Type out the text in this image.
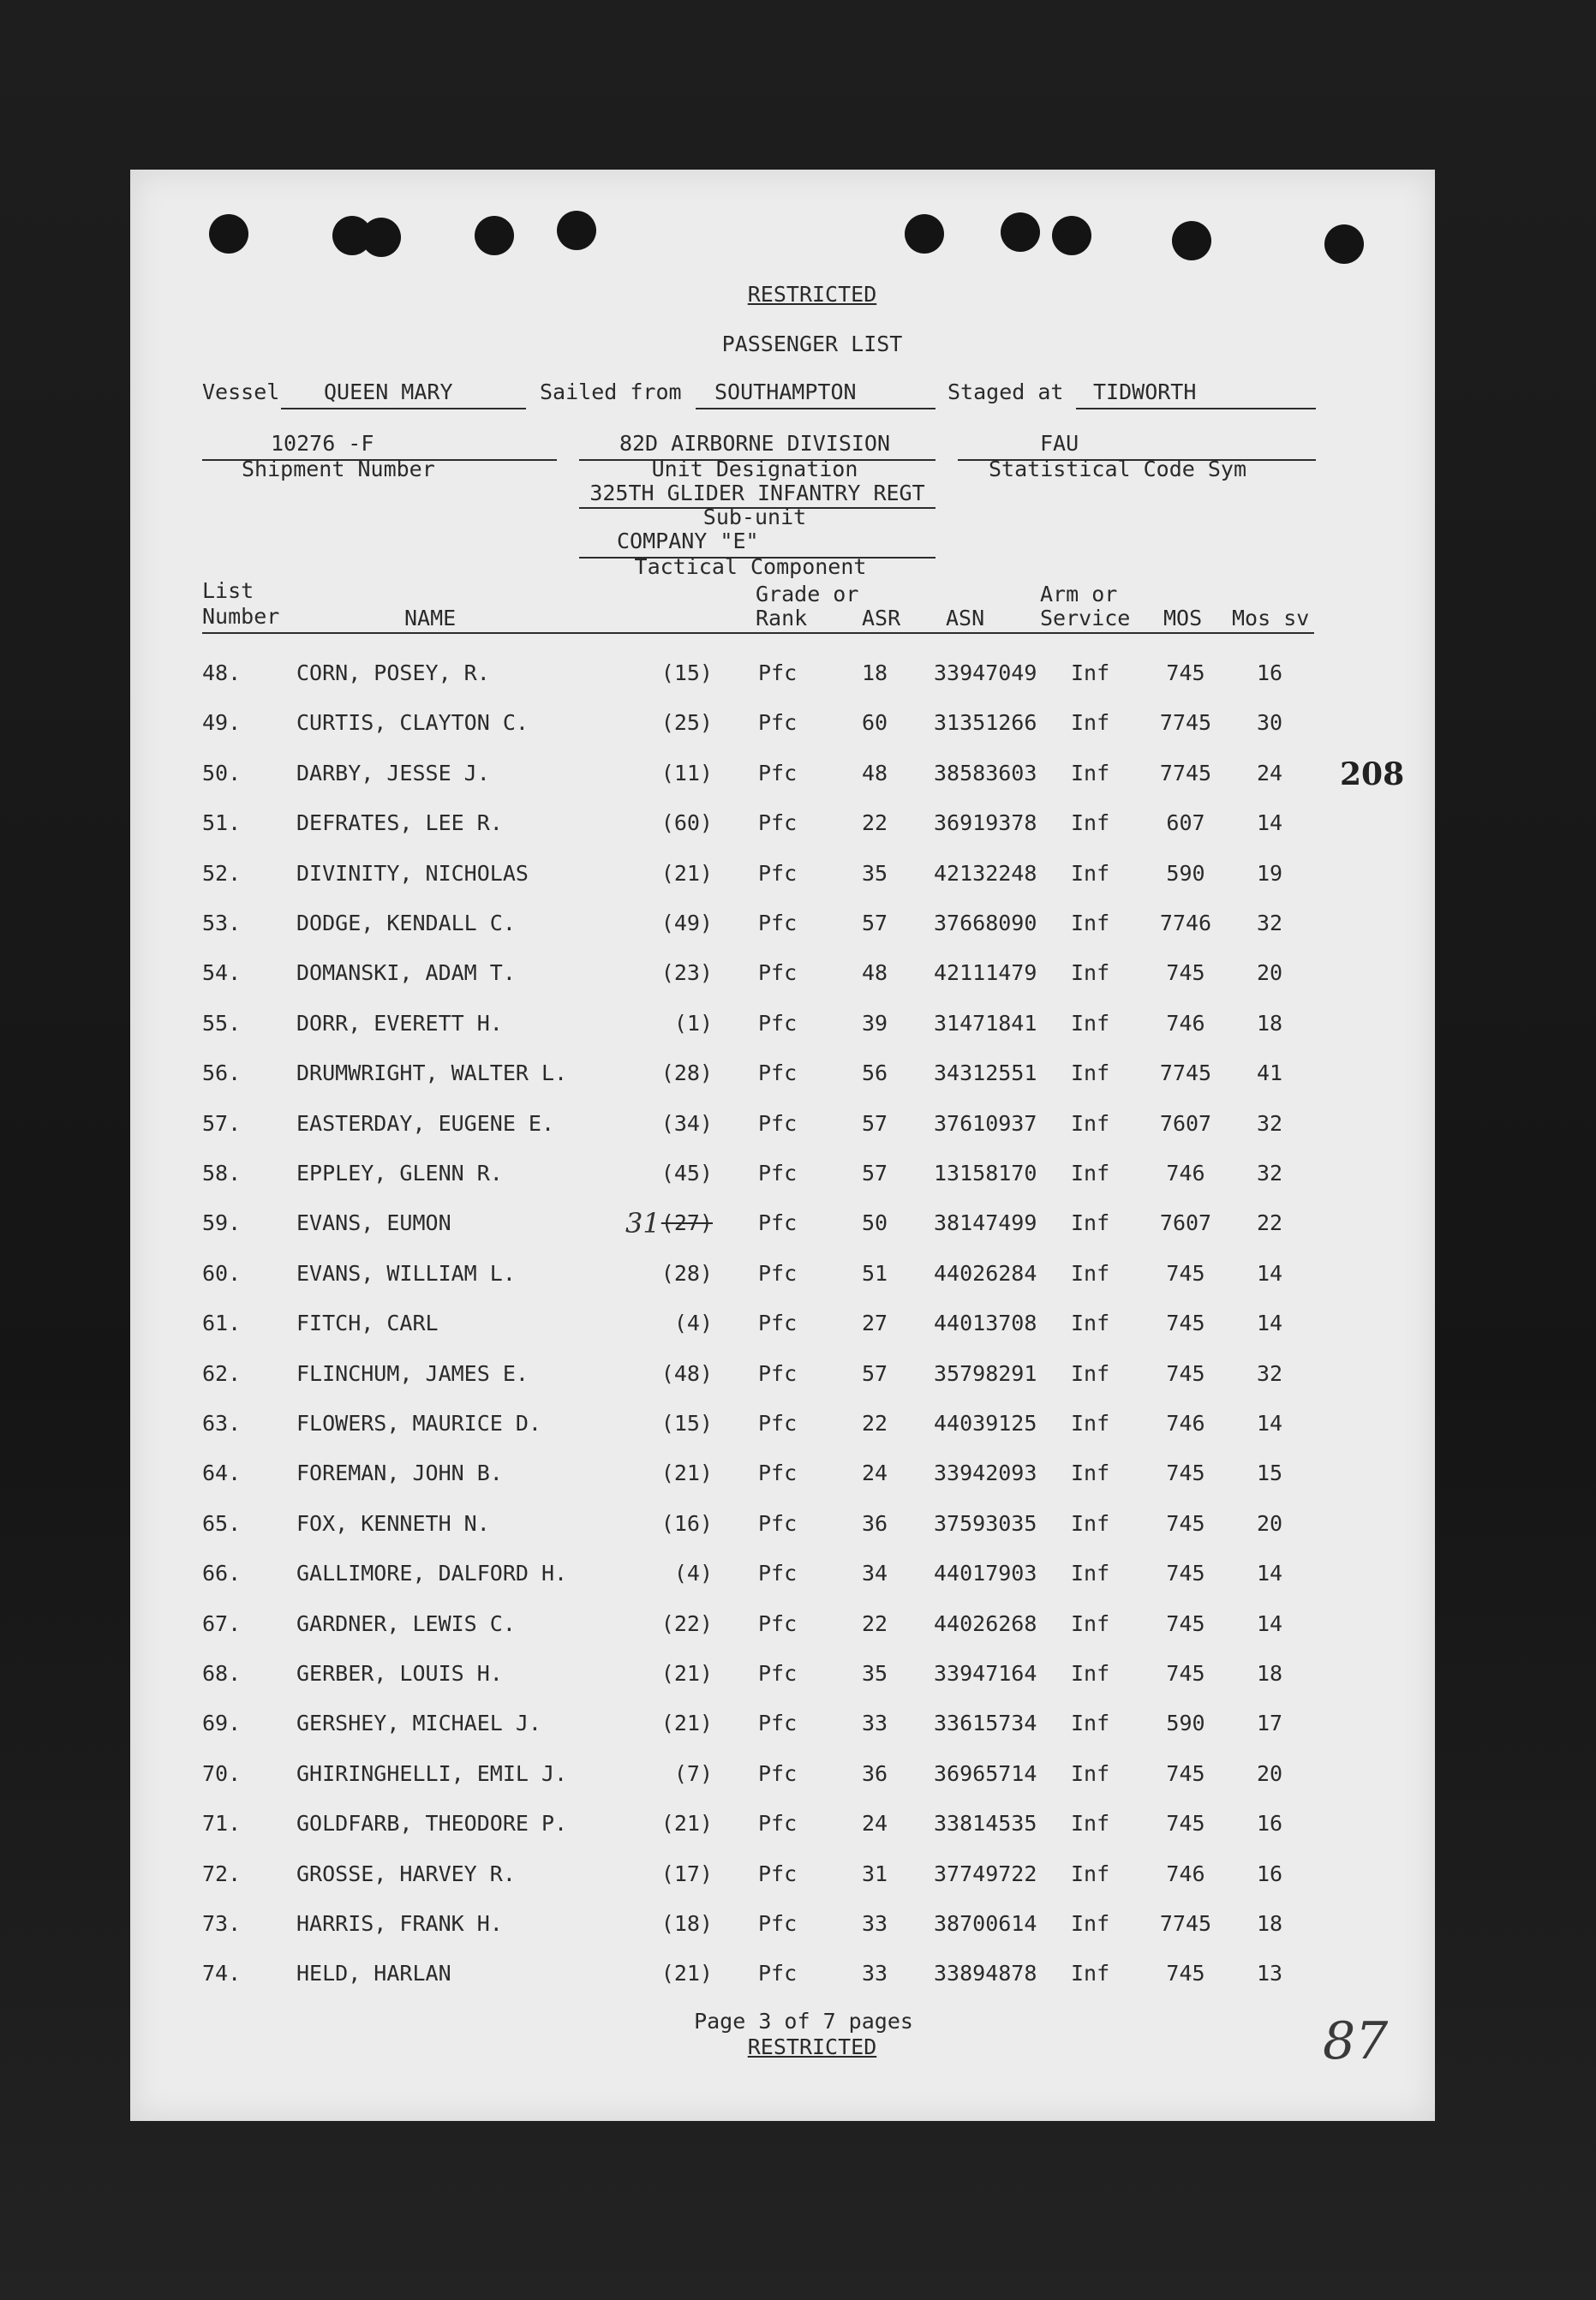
RESTRICTED
PASSENGER LIST
Vessel QUEEN MARY	Sailed from SOUTHAMPTON	Staged at TIDWORTH
10276 -F
Shipment Number
82D AIRBORNE DIVISION
Unit Designation
325TH GLIDER INFANTRY REGT
Sub-unit
COMPANY "E"
Tactical Component
FAU
Statistical Code Sym
List
Number	NAME
Grade or
Rank	ASR ASN
Arm or
Service MOS Mos sv
48.	CORN, POSEY, R.	(15) Pfc	18	33947049 Inf	745	16
49.	CURTIS, CLAYTON C.	(25) Pfc	60	31351266 Inf	7745	30
50.	DARBY, JESSE J.	(11) Pfc	48	38583603 Inf	7745	24
51.	DEFRATES, LEE R.	(60) Pfc	22	36919378 Inf	607	14
52.	DIVINITY, NICHOLAS	(21) Pfc	35	42132248 Inf	590	19
53.	DODGE, KENDALL C.	(49) Pfc	57	37668090 Inf	7746	32
54.	DOMANSKI, ADAM T.	(23) Pfc	48	42111479 Inf	745	20
55.	DORR, EVERETT H.	(1) Pfc	39	31471841 Inf	746	18
56.	DRUMWRIGHT, WALTER L.	(28) Pfc	56	34312551 Inf	7745	41
57.	EASTERDAY, EUGENE E.	(34) Pfc	57	37610937 Inf	7607	32
58.	EPPLEY, GLENN R.	(45) Pfc	57	13158170 Inf	746	32
59.	EVANS, EUMON	(27) Pfc	50	38147499 Inf	7607	22
31
60.	EVANS, WILLIAM L.	(28) Pfc	51	44026284 Inf	745	14
61.	FITCH, CARL	(4) Pfc	27	44013708 Inf	745	14
62.	FLINCHUM, JAMES E.	(48) Pfc	57	35798291 Inf	745	32
63.	FLOWERS, MAURICE D.	(15) Pfc	22	44039125 Inf	746	14
64.	FOREMAN, JOHN B.	(21) Pfc	24	33942093 Inf	745	15
65.	FOX, KENNETH N.	(16) Pfc	36	37593035 Inf	745	20
66.	GALLIMORE, DALFORD H.	(4) Pfc	34	44017903 Inf	745	14
67.	GARDNER, LEWIS C.	(22) Pfc	22	44026268 Inf	745	14
68.	GERBER, LOUIS H.	(21) Pfc	35	33947164 Inf	745	18
69.	GERSHEY, MICHAEL J.	(21) Pfc	33	33615734 Inf	590	17
70.	GHIRINGHELLI, EMIL J.	(7) Pfc	36	36965714 Inf	745	20
71.	GOLDFARB, THEODORE P.	(21) Pfc	24	33814535 Inf	745	16
72.	GROSSE, HARVEY R.	(17) Pfc	31	37749722 Inf	746	16
73.	HARRIS, FRANK H.	(18) Pfc	33	38700614 Inf	7745	18
74.	HELD, HARLAN	(21) Pfc	33	33894878 Inf	745	13
208
Page 3 of 7 pages
RESTRICTED	87
